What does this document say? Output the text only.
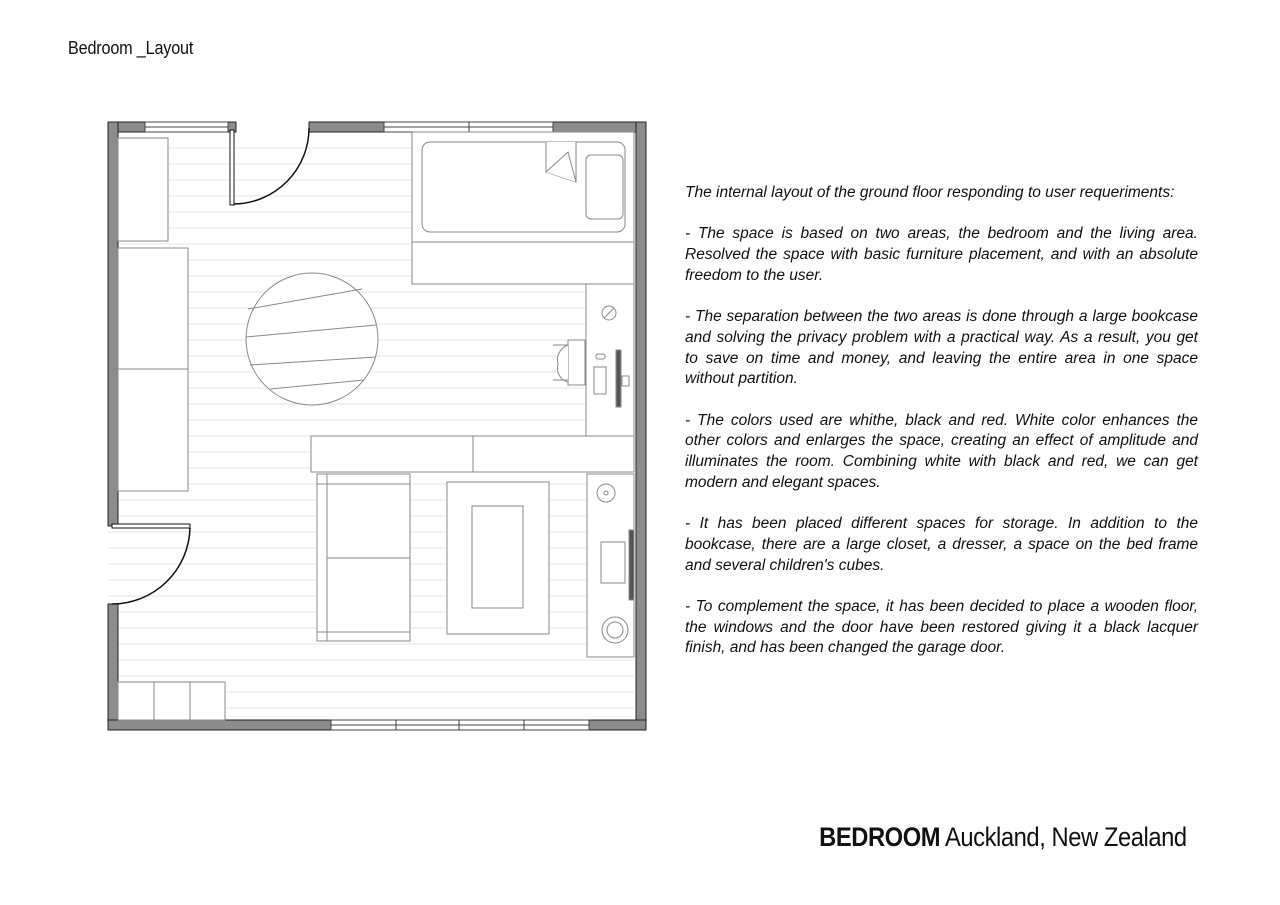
Bedroom _Layout

The internal layout of the ground floor responding to user requeriments:

- The space is based on two areas, the bedroom and the living area. Resolved the space with basic furniture placement, and with an absolute freedom to the user.

- The separation between the two areas is done through a large bookcase and solving the privacy problem with a practical way. As a result, you get to save on time and money, and leaving the entire area in one space without partition.

- The colors used are whithe, black and red. White color enhances the other colors and enlarges the space, creating an effect of amplitude and illuminates the room. Combining white with black and red, we can get modern and elegant spaces.

- It has been placed different spaces for storage. In addition to the bookcase, there are a large closet, a dresser, a space on the bed frame and several children's cubes.

- To complement the space, it has been decided to place a wooden floor, the windows and the door have been restored giving it a black lacquer finish, and has been changed the garage door.

BEDROOM Auckland, New Zealand
